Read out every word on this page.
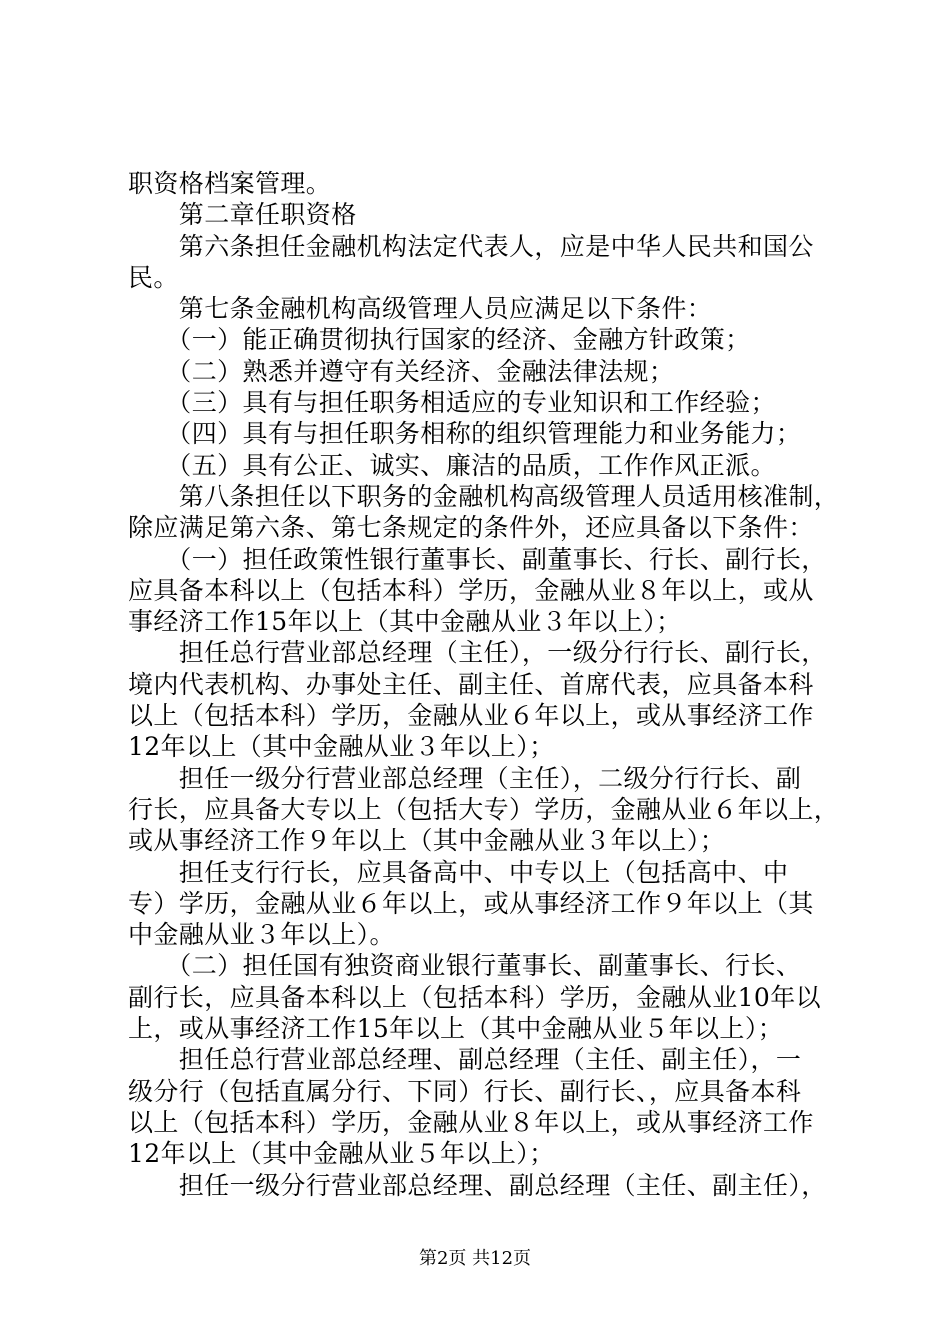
职资格档案管理。
　　第二章任职资格
　　第六条担任金融机构法定代表人，应是中华人民共和国公
民。
　　第七条金融机构高级管理人员应满足以下条件：
　　（一）能正确贯彻执行国家的经济、金融方针政策；
　　（二）熟悉并遵守有关经济、金融法律法规；
　　（三）具有与担任职务相适应的专业知识和工作经验；
　　（四）具有与担任职务相称的组织管理能力和业务能力；
　　（五）具有公正、诚实、廉洁的品质，工作作风正派。
　　第八条担任以下职务的金融机构高级管理人员适用核准制，
除应满足第六条、第七条规定的条件外，还应具备以下条件：
　　（一）担任政策性银行董事长、副董事长、行长、副行长，
应具备本科以上（包括本科）学历，金融从业８年以上，或从
事经济工作15年以上（其中金融从业３年以上）；
　　担任总行营业部总经理（主任），一级分行行长、副行长，
境内代表机构、办事处主任、副主任、首席代表，应具备本科
以上（包括本科）学历，金融从业６年以上，或从事经济工作
12年以上（其中金融从业３年以上）；
　　担任一级分行营业部总经理（主任），二级分行行长、副
行长，应具备大专以上（包括大专）学历，金融从业６年以上，
或从事经济工作９年以上（其中金融从业３年以上）；
　　担任支行行长，应具备高中、中专以上（包括高中、中
专）学历，金融从业６年以上，或从事经济工作９年以上（其
中金融从业３年以上）。
　　（二）担任国有独资商业银行董事长、副董事长、行长、
副行长，应具备本科以上（包括本科）学历，金融从业10年以
上，或从事经济工作15年以上（其中金融从业５年以上）；
　　担任总行营业部总经理、副总经理（主任、副主任），一
级分行（包括直属分行、下同）行长、副行长、，应具备本科
以上（包括本科）学历，金融从业８年以上，或从事经济工作
12年以上（其中金融从业５年以上）；
　　担任一级分行营业部总经理、副总经理（主任、副主任），
第2页 共12页
